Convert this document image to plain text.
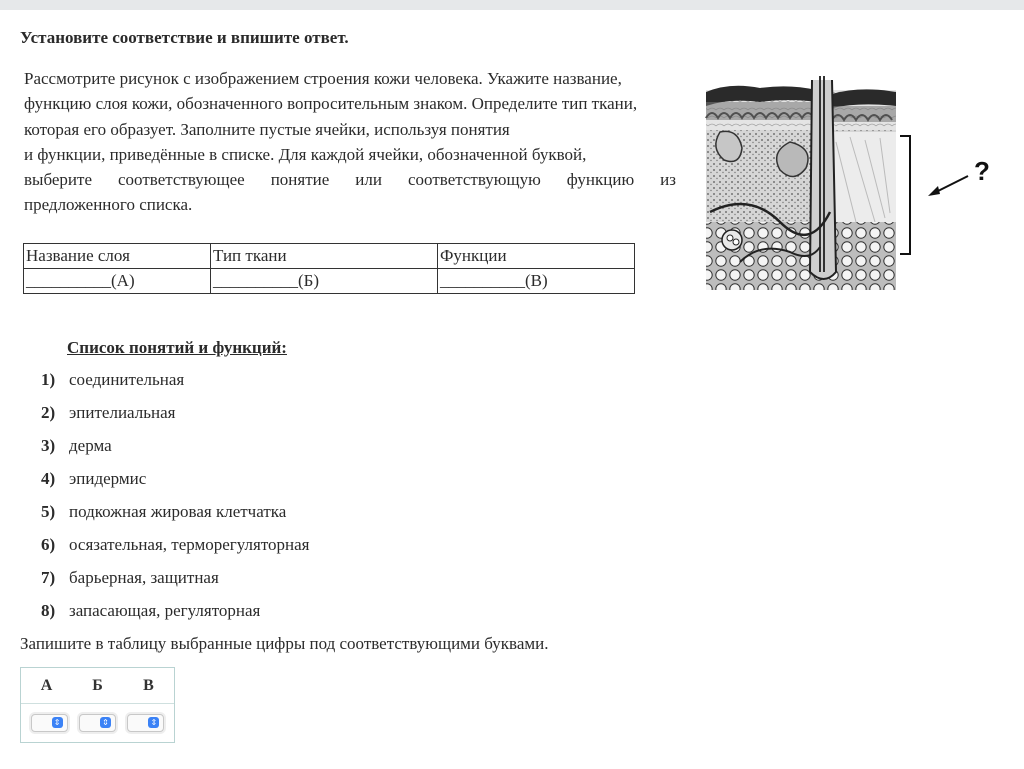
Установите соответствие и впишите ответ.
Рассмотрите рисунок с изображением строения кожи человека. Укажите название,
функцию слоя кожи, обозначенного вопросительным знаком. Определите тип ткани,
которая его образует. Заполните пустые ячейки, используя понятия
и функции, приведённые в списке. Для каждой ячейки, обозначенной буквой,
выберите соответствующее понятие или соответствующую функцию из
предложенного списка.
Название слоя	Тип ткани	Функции
__________(А)	__________(Б)	__________(В)
?
Список понятий и функций:
1) соединительная
2) эпителиальная
3) дерма
4) эпидермис
5) подкожная жировая клетчатка
6) осязательная, терморегуляторная
7) барьерная, защитная
8) запасающая, регуляторная
Запишите в таблицу выбранные цифры под соответствующими буквами.
А	Б	В
⇕	⇕	⇕
